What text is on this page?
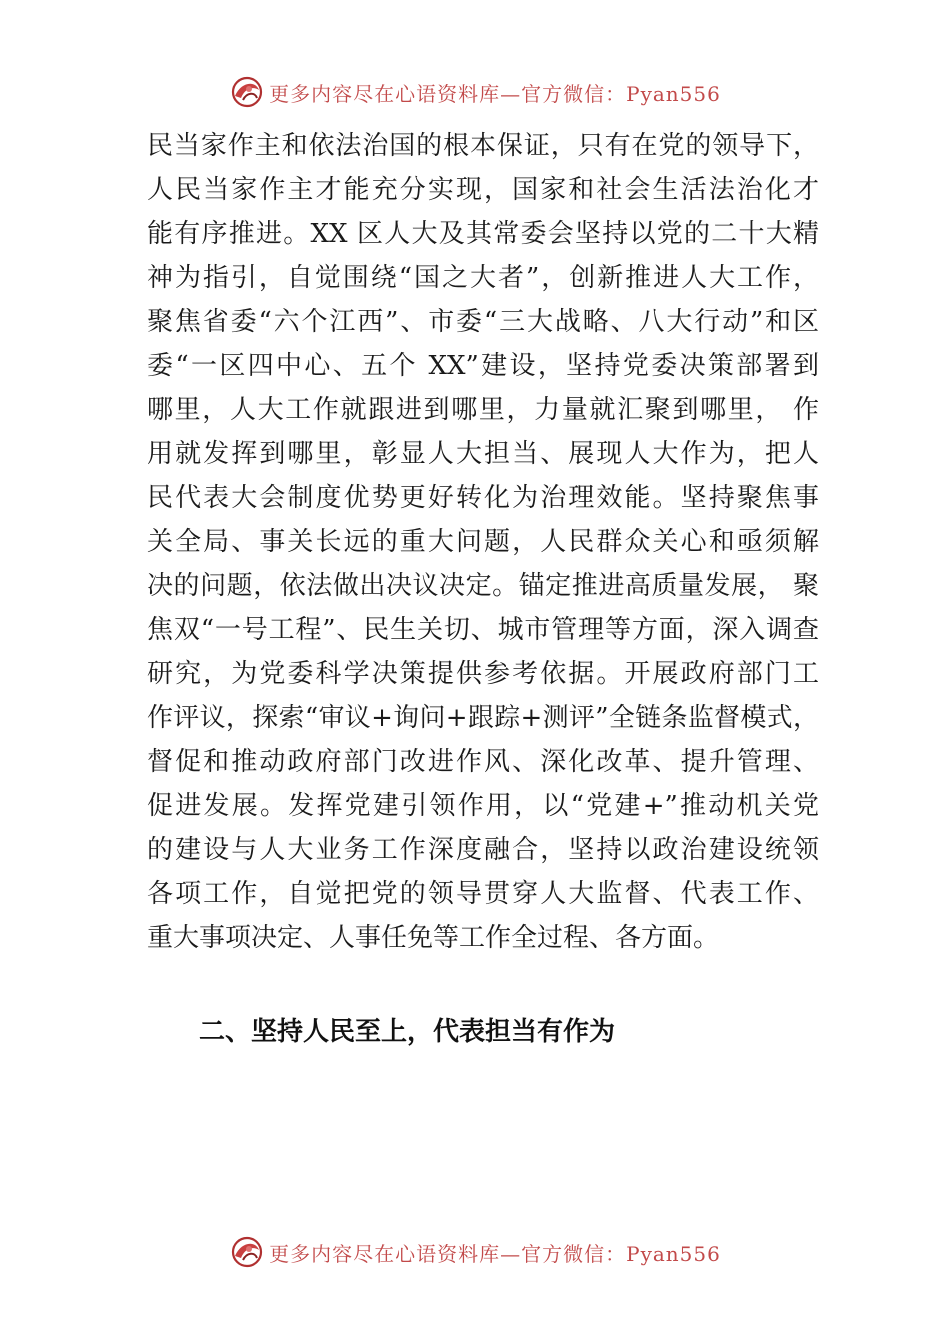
更多内容尽在心语资料库—官方微信：Pyan556
民当家作主和依法治国的根本保证，只有在党的领导下，
人民当家作主才能充分实现，国家和社会生活法治化才
能有序推进。XX 区人大及其常委会坚持以党的二十大精
神为指引，自觉围绕“国之大者”，创新推进人大工作，
聚焦省委“六个江西”、市委“三大战略、八大行动”和区
委“一区四中心、五个 XX”建设，坚持党委决策部署到
哪里，人大工作就跟进到哪里，力量就汇聚到哪里， 作
用就发挥到哪里，彰显人大担当、展现人大作为，把人
民代表大会制度优势更好转化为治理效能。坚持聚焦事
关全局、事关长远的重大问题，人民群众关心和亟须解
决的问题，依法做出决议决定。锚定推进高质量发展， 聚
焦双“一号工程”、民生关切、城市管理等方面，深入调查
研究，为党委科学决策提供参考依据。开展政府部门工
作评议，探索“审议+询问+跟踪+测评”全链条监督模式，
督促和推动政府部门改进作风、深化改革、提升管理、
促进发展。发挥党建引领作用，以“党建+”推动机关党
的建设与人大业务工作深度融合，坚持以政治建设统领
各项工作，自觉把党的领导贯穿人大监督、代表工作、
重大事项决定、人事任免等工作全过程、各方面。
二、坚持人民至上，代表担当有作为
更多内容尽在心语资料库—官方微信：Pyan556
